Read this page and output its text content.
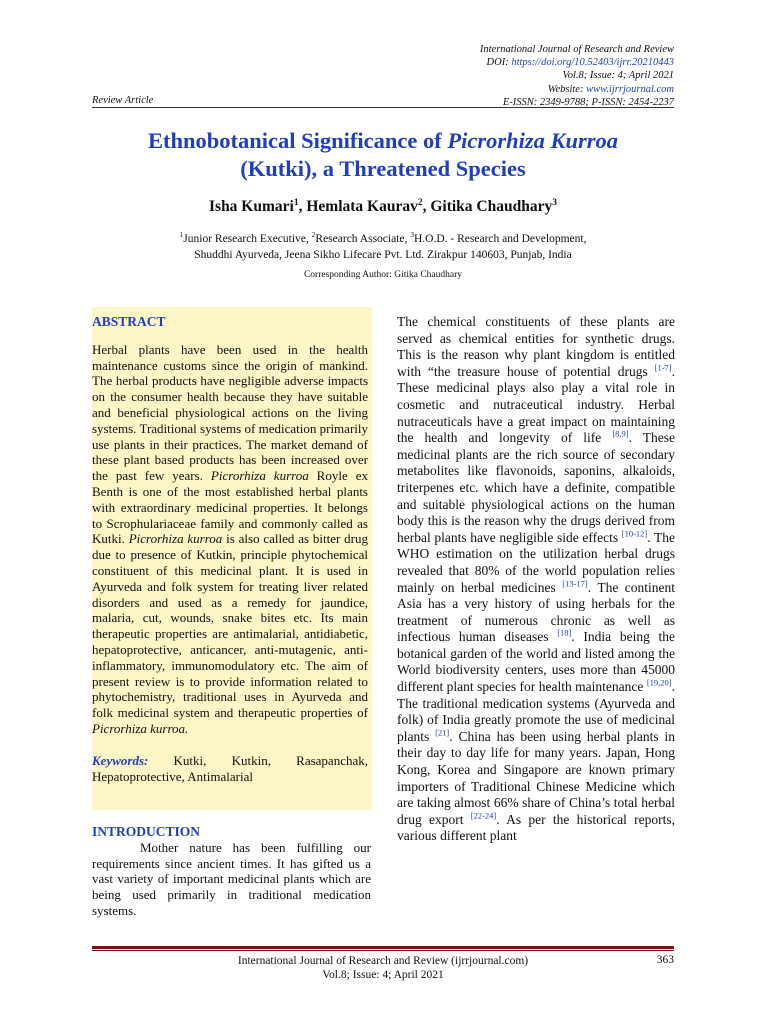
International Journal of Research and Review
DOI: https://doi.org/10.52403/ijrr.20210443
Vol.8; Issue: 4; April 2021
Website: www.ijrrjournal.com
E-ISSN: 2349-9788; P-ISSN: 2454-2237
Review Article
Ethnobotanical Significance of Picrorhiza Kurroa
(Kutki), a Threatened Species
Isha Kumari$^1$, Hemlata Kaurav$^2$, Gitika Chaudhary$^3$
$^1$Junior Research Executive, $^2$Research Associate, $^3$H.O.D. - Research and Development,
Shuddhi Ayurveda, Jeena Sikho Lifecare Pvt. Ltd. Zirakpur 140603, Punjab, India
Corresponding Author: Gitika Chaudhary
ABSTRACT

Herbal plants have been used in the health maintenance customs since the origin of mankind. The herbal products have negligible adverse impacts on the consumer health because they have suitable and beneficial physiological actions on the living systems. Traditional systems of medication primarily use plants in their practices. The market demand of these plant based products has been increased over the past few years. Picrorhiza kurroa Royle ex Benth is one of the most established herbal plants with extraordinary medicinal properties. It belongs to Scrophulariaceae family and commonly called as Kutki. Picrorhiza kurroa is also called as bitter drug due to presence of Kutkin, principle phytochemical constituent of this medicinal plant. It is used in Ayurveda and folk system for treating liver related disorders and used as a remedy for jaundice, malaria, cut, wounds, snake bites etc. Its main therapeutic properties are antimalarial, antidiabetic, hepatoprotective, anticancer, anti-mutagenic, anti-inflammatory, immunomodulatory etc. The aim of present review is to provide information related to phytochemistry, traditional uses in Ayurveda and folk medicinal system and therapeutic properties of Picrorhiza kurroa.

Keywords: Kutki, Kutkin, Rasapanchak, Hepatoprotective, Antimalarial

INTRODUCTION

Mother nature has been fulfilling our requirements since ancient times. It has gifted us a vast variety of important medicinal plants which are being used primarily in traditional medication systems.

The chemical constituents of these plants are served as chemical entities for synthetic drugs. This is the reason why plant kingdom is entitled with “the treasure house of potential drugs [1-7]. These medicinal plays also play a vital role in cosmetic and nutraceutical industry. Herbal nutraceuticals have a great impact on maintaining the health and longevity of life [8,9]. These medicinal plants are the rich source of secondary metabolites like flavonoids, saponins, alkaloids, triterpenes etc. which have a definite, compatible and suitable physiological actions on the human body this is the reason why the drugs derived from herbal plants have negligible side effects [10-12]. The WHO estimation on the utilization herbal drugs revealed that 80% of the world population relies mainly on herbal medicines [13-17]. The continent Asia has a very history of using herbals for the treatment of numerous chronic as well as infectious human diseases [18]. India being the botanical garden of the world and listed among the World biodiversity centers, uses more than 45000 different plant species for health maintenance [19,20]. The traditional medication systems (Ayurveda and folk) of India greatly promote the use of medicinal plants [21]. China has been using herbal plants in their day to day life for many years. Japan, Hong Kong, Korea and Singapore are known primary importers of Traditional Chinese Medicine which are taking almost 66% share of China’s total herbal drug export [22-24]. As per the historical reports, various different plant

International Journal of Research and Review (ijrrjournal.com)
Vol.8; Issue: 4; April 2021
363
